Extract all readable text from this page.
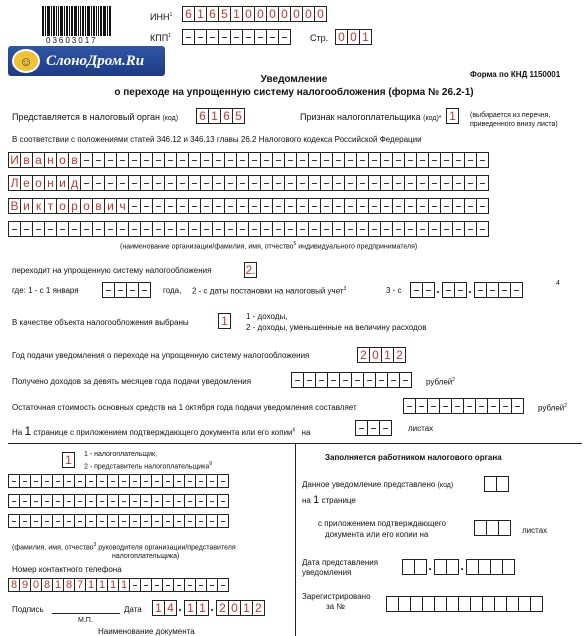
03603017
☺ СлоноДром.Ru
ИНН$^1$ 6 1 6 5 1 0 0 0 0 0 0 0
КПП$^1$	Стр. 0 0 1
Форма по КНД 1150001
Уведомление
о переходе на упрощенную систему налогообложения (форма № 26.2-1)
Представляется в налоговый орган (код) 6 1 6 5	Признак налогоплательщика (код)* 1	(выбирается из перечня, приведенного внизу листа)
В соответствии с положениями статей 346.12 и 346.13 главы 26.2 Налогового кодекса Российской Федерации
И в а н о в
Л е о н и д
В и к т о р о в и ч
(наименование организации/фамилия, имя, отчество$^5$ индивидуального предпринимателя)
переходит на упрощенную систему налогообложения	2.
где: 1 - с 1 января	года, 2 - с даты постановки на налоговый учет$^3$	3 - с	. .	4
В качестве объекта налогообложения выбраны	1	1 - доходы,
2 - доходы, уменьшенные на величину расходов
Год подачи уведомления о переходе на упрощенную систему налогообложения	2 0 1 2
Получено доходов за девять месяцев года подачи уведомления	рублей$^2$
Остаточная стоимость основных средств на 1 октября года подачи уведомления составляет	рублей$^2$
На 1 странице с приложением подтверждающего документа или его копии$^6$ на	листах
1	1 - налогоплательщик,
2 - представитель налогоплательщика$^9$
(фамилия, имя, отчество$^3$ руководителя организации/представителя
налогоплательщика)
Номер контактного телефона
8 9 0 8 1 8 7 1 1 1 1
Подпись
М.П.
Дата 1 4 . 1 1 . 2 0 1 2
Наименование документа
Заполняется работником налогового органа
Данное уведомление представлено (код)
на 1 странице
с приложением подтверждающего
документа или его копии на	листах
Дата представления
уведомления	. .
Зарегистрировано
за №
